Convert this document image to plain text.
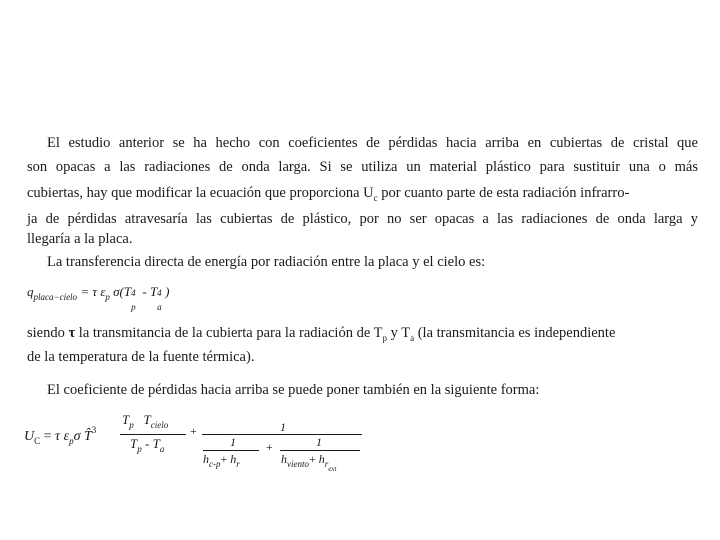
El estudio anterior se ha hecho con coeficientes de pérdidas hacia arriba en cubiertas de cristal que
son opacas a las radiaciones de onda larga. Si se utiliza un material plástico para sustituir una o más
cubiertas, hay que modificar la ecuación que proporciona $U_c$ por cuanto parte de esta radiación infrarro-
ja de pérdidas atravesaría las cubiertas de plástico, por no ser opacas a las radiaciones de onda larga y
llegaría a la placa.
La transferencia directa de energía por radiación entre la placa y el cielo es:
$q_{placa-cielo} = \tau$ $\varepsilon_p$ σ(T 4
p
- T 4
a
)
siendo τ la transmitancia de la cubierta para la radiación de $T_p$ y $T_a$ (la transmitancia es independiente
de la temperatura de la fuente térmica).
El coeficiente de pérdidas hacia arriba se puede poner también en la siguiente forma:
$U_C = \tau$ $\varepsilon_p\sigma$ T̂$^3$
$T_p$ $T_{cielo}$
$T_p - T_a$
+	1
1
$h_{c-p}+ h_r$
+	1
$h_{viento}+ h_{rext}$
